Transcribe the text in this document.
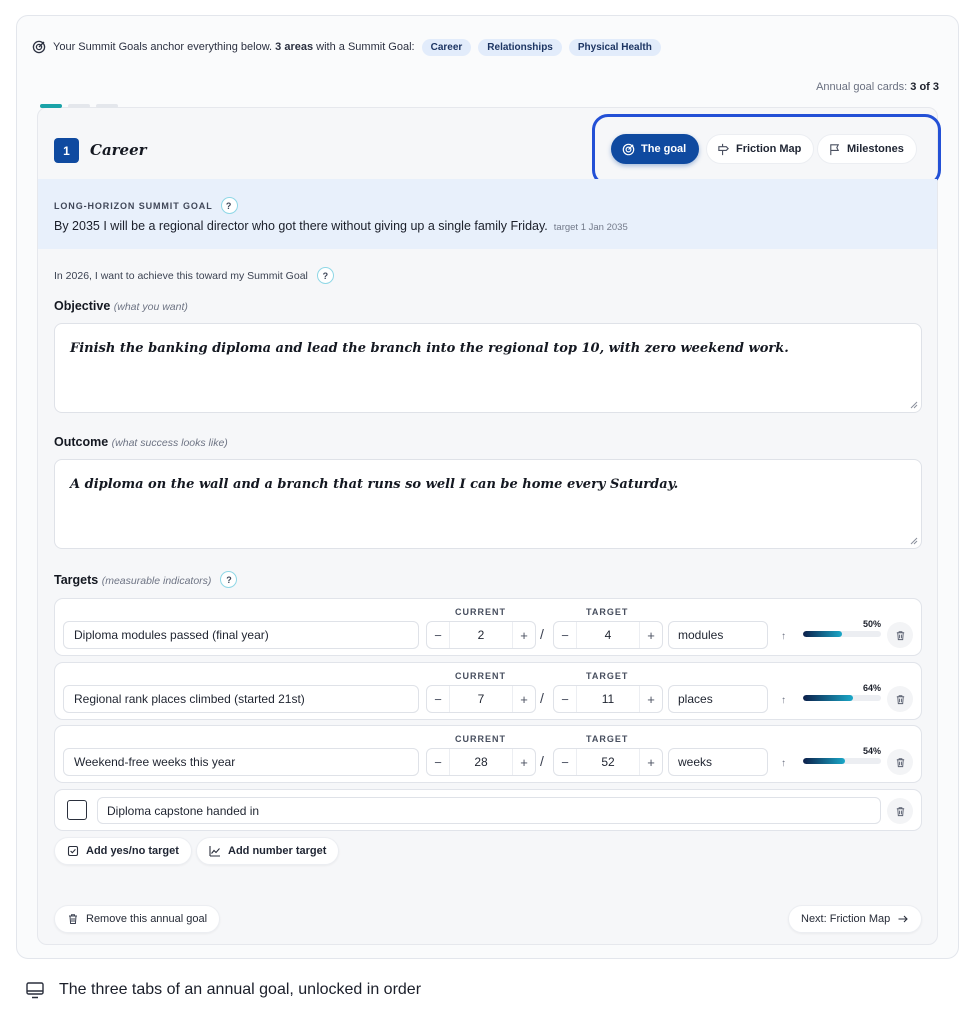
Your Summit Goals anchor everything below.
3 areas
with a Summit Goal:	Career	Relationships	Physical Health
Annual goal cards: 3 of 3
1	Career	The goal	Friction Map	Milestones
LONG-HORIZON SUMMIT GOAL	?
By 2035 I will be a regional director who got there without giving up a single family Friday. target 1 Jan 2035
In 2026, I want to achieve this toward my Summit Goal	?
Objective (what you want)
Finish the banking diploma and lead the branch into the regional top 10, with zero weekend work.
Outcome (what success looks like)
A diploma on the wall and a branch that runs so well I can be home every Saturday.
Targets (measurable indicators)	?
Diploma modules passed (final year)
CURRENT	TARGET
−	2	+ /	−	4	+	modules	↑
50%
Regional rank places climbed (started 21st)
CURRENT	TARGET
−	7	+ /	−	11	+	places	↑
64%
Weekend-free weeks this year
CURRENT	TARGET
−	28	+ /	−	52	+	weeks	↑
54%
Diploma capstone handed in
Add yes/no target	Add number target
Remove this annual goal	Next: Friction Map
The three tabs of an annual goal, unlocked in order
